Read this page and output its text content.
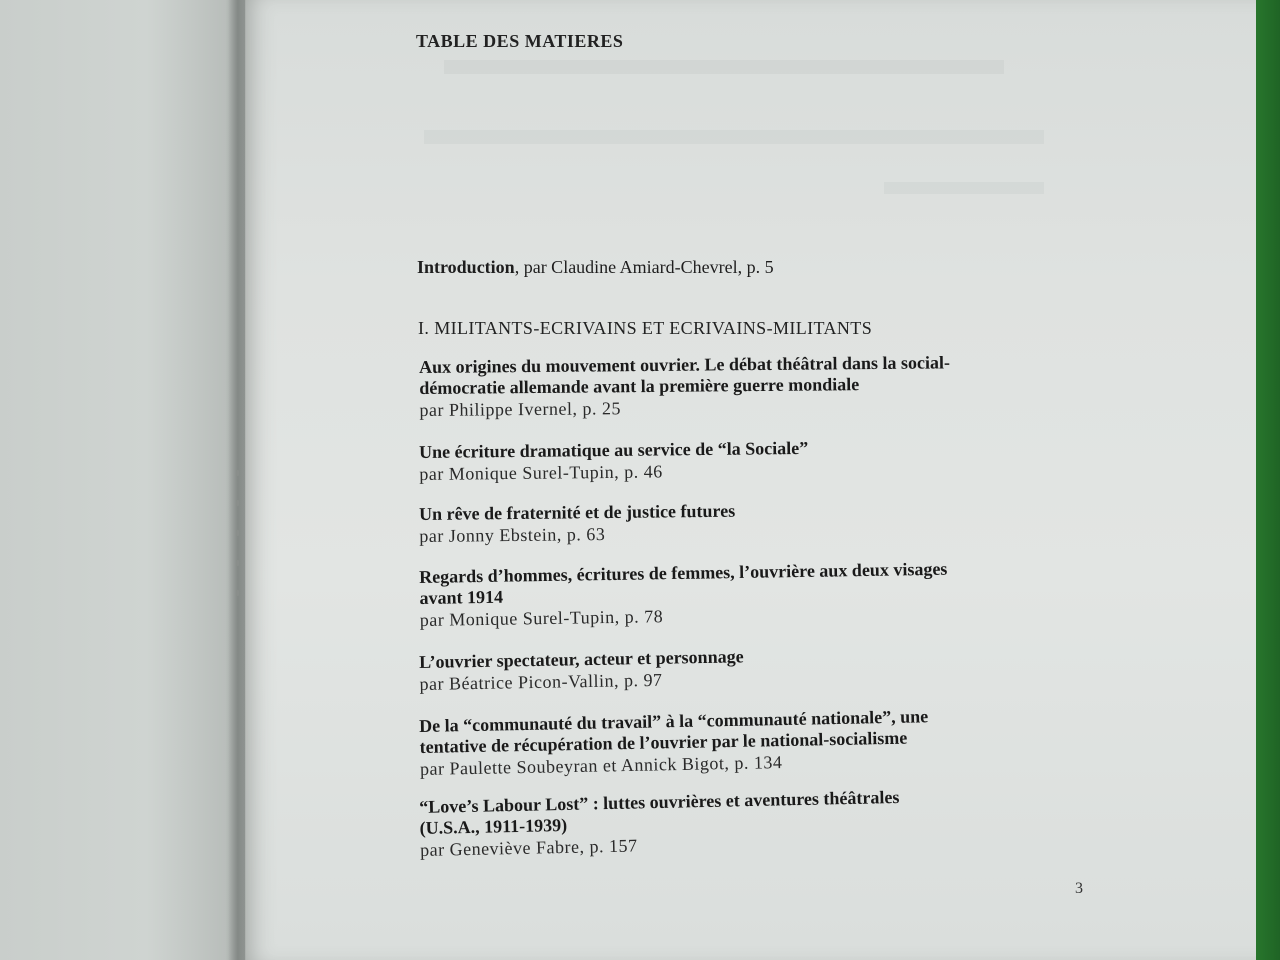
TABLE DES MATIERES
Introduction, par Claudine Amiard-Chevrel, p. 5
I. MILITANTS-ECRIVAINS ET ECRIVAINS-MILITANTS
Aux origines du mouvement ouvrier. Le débat théâtral dans la social-
démocratie allemande avant la première guerre mondiale
par Philippe Ivernel, p. 25
Une écriture dramatique au service de “la Sociale”
par Monique Surel-Tupin, p. 46
Un rêve de fraternité et de justice futures
par Jonny Ebstein, p. 63
Regards d’hommes, écritures de femmes, l’ouvrière aux deux visages
avant 1914
par Monique Surel-Tupin, p. 78
L’ouvrier spectateur, acteur et personnage
par Béatrice Picon-Vallin, p. 97
De la “communauté du travail” à la “communauté nationale”, une
tentative de récupération de l’ouvrier par le national-socialisme
par Paulette Soubeyran et Annick Bigot, p. 134
“Love’s Labour Lost” : luttes ouvrières et aventures théâtrales
(U.S.A., 1911-1939)
par Geneviève Fabre, p. 157
3
